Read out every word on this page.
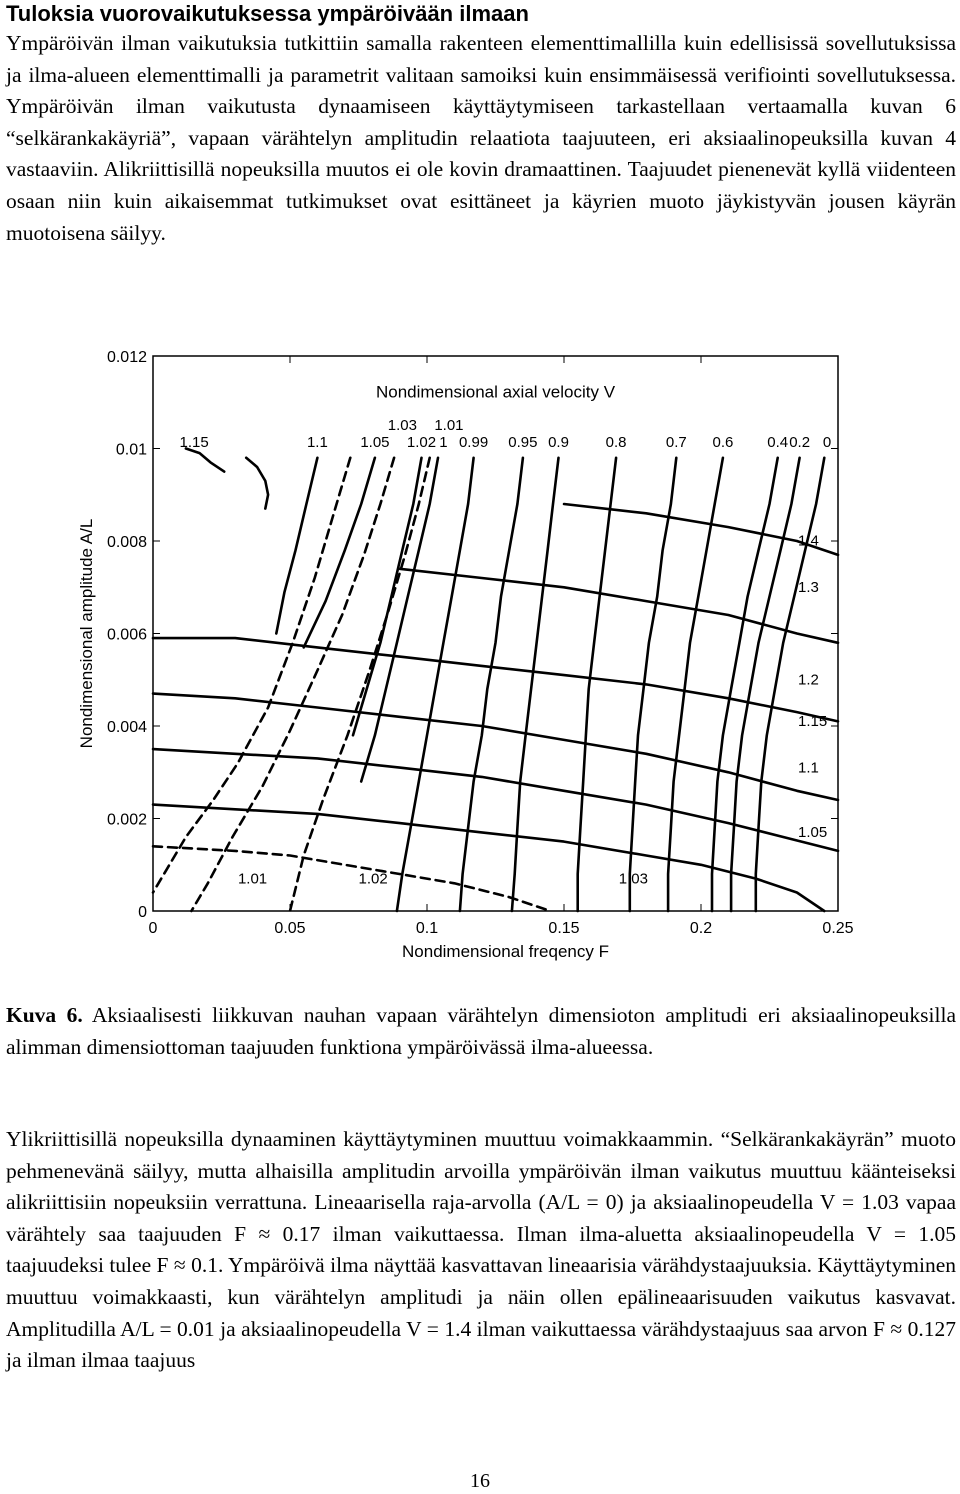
Tuloksia vuorovaikutuksessa ympäröivään ilmaan

Ympäröivän ilman vaikutuksia tutkittiin samalla rakenteen elementtimallilla kuin edellisissä sovellutuksissa ja ilma-alueen elementtimalli ja parametrit valitaan samoiksi kuin ensimmäisessä verifiointi sovellutuksessa. Ympäröivän ilman vaikutusta dynaamiseen käyttäytymiseen tarkastellaan vertaamalla kuvan 6 “selkärankakäyriä”, vapaan värähtelyn amplitudin relaatiota taajuuteen, eri aksiaalinopeuksilla kuvan 4 vastaaviin. Alikriittisillä nopeuksilla muutos ei ole kovin dramaattinen. Taajuudet pienenevät kyllä viidenteen osaan niin kuin aikaisemmat tutkimukset ovat esittäneet ja käyrien muoto jäykistyvän jousen käyrän muotoisena säilyy.

0	0.05	0.1	0.15	0.2	0.25
0
0.002
0.004
0.006
0.008
0.01
0.012
Nondimensional freqency F
Nondimensional amplitude A/L
Nondimensional axial velocity V
1.15	1.1 1.05 1.02 1 0.99 0.95 0.9 0.8	0.7 0.6 0.4 0.2 0
1.03 1.01
1.4
1.3
1.2
1.15
1.1
1.05
1.01	1.02	1.03

Kuva 6. Aksiaalisesti liikkuvan nauhan vapaan värähtelyn dimensioton amplitudi eri aksiaalinopeuksilla alimman dimensiottoman taajuuden funktiona ympäröivässä ilma-alueessa.

Ylikriittisillä nopeuksilla dynaaminen käyttäytyminen muuttuu voimakkaammin. “Selkärankakäyrän” muoto pehmenevänä säilyy, mutta alhaisilla amplitudin arvoilla ympäröivän ilman vaikutus muuttuu käänteiseksi alikriittisiin nopeuksiin verrattuna. Lineaarisella raja-arvolla (A/L = 0) ja aksiaalinopeudella V = 1.03 vapaa värähtely saa taajuuden F ≈ 0.17 ilman vaikuttaessa. Ilman ilma-aluetta aksiaalinopeudella V = 1.05 taajuudeksi tulee F ≈ 0.1. Ympäröivä ilma näyttää kasvattavan lineaarisia värähdystaajuuksia. Käyttäytyminen muuttuu voimakkaasti, kun värähtelyn amplitudi ja näin ollen epälineaarisuuden vaikutus kasvavat. Amplitudilla A/L = 0.01 ja aksiaalinopeudella V = 1.4 ilman vaikuttaessa värähdystaajuus saa arvon F ≈ 0.127 ja ilman ilmaa taajuus

16
